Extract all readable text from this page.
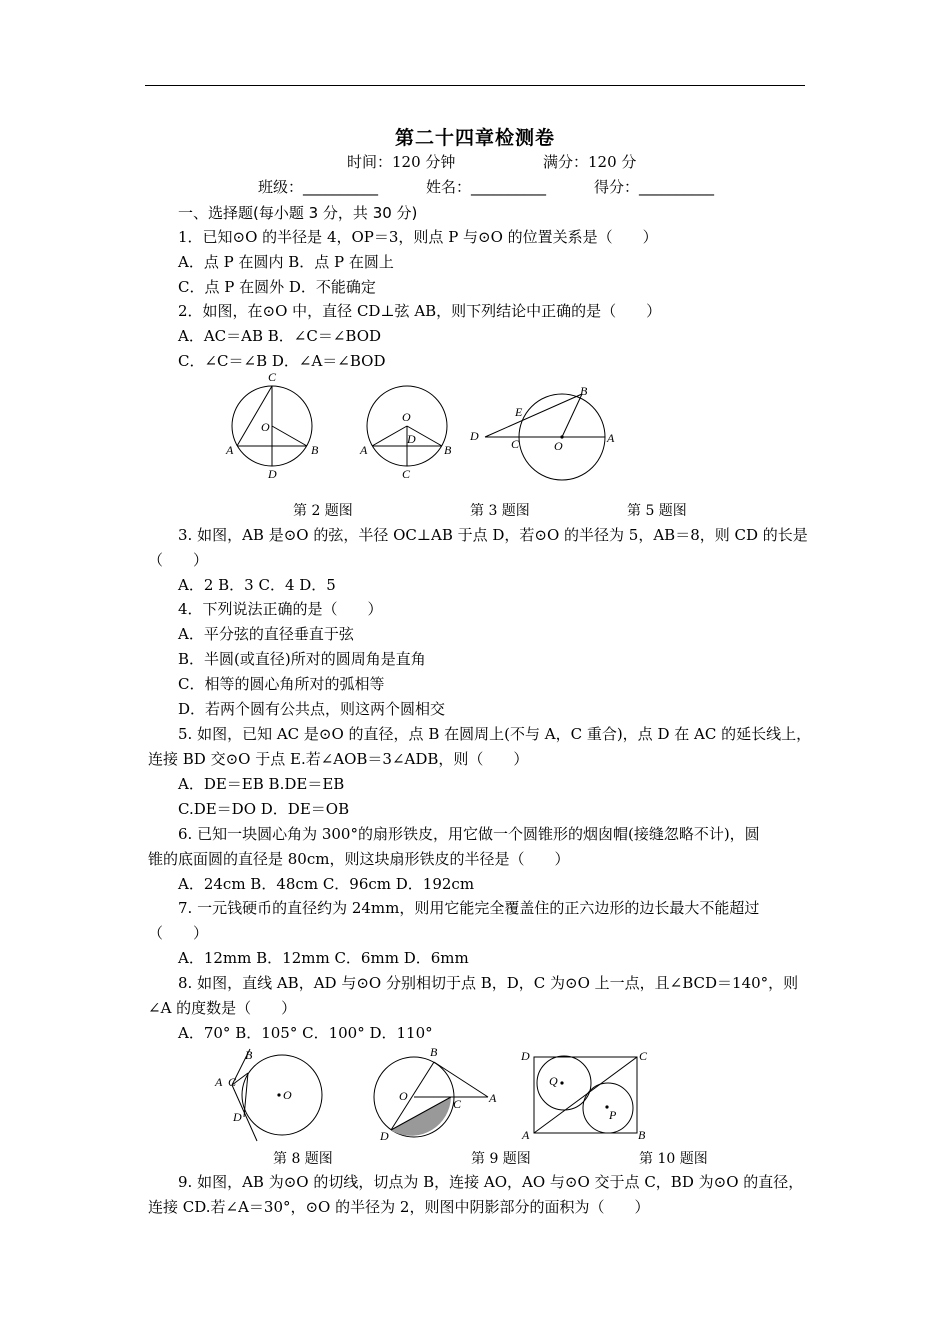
第二十四章检测卷
时间：120 分钟	满分：120 分
班级：__________	姓名：__________	得分：__________
一、选择题(每小题 3 分，共 30 分)
1．已知⊙O 的半径是 4，OP＝3，则点 P 与⊙O 的位置关系是（　　）
A．点 P 在圆内 B．点 P 在圆上
C．点 P 在圆外 D．不能确定
2．如图，在⊙O 中，直径 CD⊥弦 AB，则下列结论中正确的是（　　）
A．AC＝AB B．∠C＝∠BOD
C．∠C＝∠B D．∠A＝∠BOD
C
O
A	B
D
O
D
A	B
C
B
E
D
C	O
A
第 2 题图	第 3 题图	第 5 题图
3. 如图，AB 是⊙O 的弦，半径 OC⊥AB 于点 D，若⊙O 的半径为 5，AB＝8，则 CD 的长是
（　　）
A．2 B．3 C．4 D．5
4．下列说法正确的是（　　）
A．平分弦的直径垂直于弦
B．半圆(或直径)所对的圆周角是直角
C．相等的圆心角所对的弧相等
D．若两个圆有公共点，则这两个圆相交
5. 如图，已知 AC 是⊙O 的直径，点 B 在圆周上(不与 A，C 重合)，点 D 在 AC 的延长线上，
连接 BD 交⊙O 于点 E.若∠AOB＝3∠ADB，则（　　）
A．DE＝EB B.DE＝EB
C.DE＝DO D．DE＝OB
6. 已知一块圆心角为 300°的扇形铁皮，用它做一个圆锥形的烟囱帽(接缝忽略不计)，圆
锥的底面圆的直径是 80cm，则这块扇形铁皮的半径是（　　）
A．24cm B．48cm C．96cm D．192cm
7. 一元钱硬币的直径约为 24mm，则用它能完全覆盖住的正六边形的边长最大不能超过
（　　）
A．12mm B．12mm C．6mm D．6mm
8. 如图，直线 AB，AD 与⊙O 分别相切于点 B，D，C 为⊙O 上一点，且∠BCD＝140°，则
∠A 的度数是（　　）
A．70° B．105° C．100° D．110°
B
A C
O
D
B
O
C A
D
D	C
Q
P
A	B
第 8 题图	第 9 题图	第 10 题图
9. 如图，AB 为⊙O 的切线，切点为 B，连接 AO，AO 与⊙O 交于点 C，BD 为⊙O 的直径，
连接 CD.若∠A＝30°，⊙O 的半径为 2，则图中阴影部分的面积为（　　）
